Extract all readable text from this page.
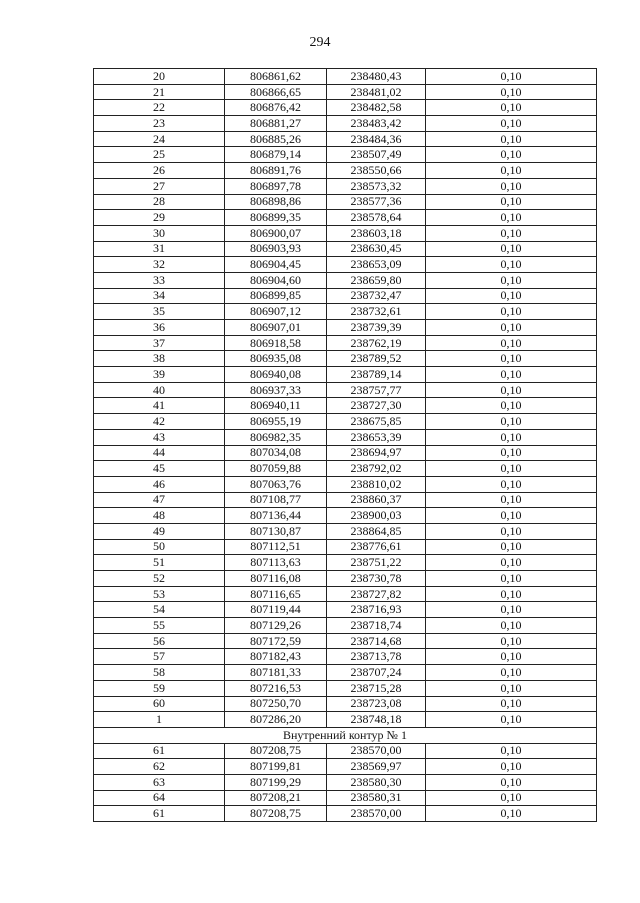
294
20	806861,62	238480,43	0,10
21	806866,65	238481,02	0,10
22	806876,42	238482,58	0,10
23	806881,27	238483,42	0,10
24	806885,26	238484,36	0,10
25	806879,14	238507,49	0,10
26	806891,76	238550,66	0,10
27	806897,78	238573,32	0,10
28	806898,86	238577,36	0,10
29	806899,35	238578,64	0,10
30	806900,07	238603,18	0,10
31	806903,93	238630,45	0,10
32	806904,45	238653,09	0,10
33	806904,60	238659,80	0,10
34	806899,85	238732,47	0,10
35	806907,12	238732,61	0,10
36	806907,01	238739,39	0,10
37	806918,58	238762,19	0,10
38	806935,08	238789,52	0,10
39	806940,08	238789,14	0,10
40	806937,33	238757,77	0,10
41	806940,11	238727,30	0,10
42	806955,19	238675,85	0,10
43	806982,35	238653,39	0,10
44	807034,08	238694,97	0,10
45	807059,88	238792,02	0,10
46	807063,76	238810,02	0,10
47	807108,77	238860,37	0,10
48	807136,44	238900,03	0,10
49	807130,87	238864,85	0,10
50	807112,51	238776,61	0,10
51	807113,63	238751,22	0,10
52	807116,08	238730,78	0,10
53	807116,65	238727,82	0,10
54	807119,44	238716,93	0,10
55	807129,26	238718,74	0,10
56	807172,59	238714,68	0,10
57	807182,43	238713,78	0,10
58	807181,33	238707,24	0,10
59	807216,53	238715,28	0,10
60	807250,70	238723,08	0,10
1	807286,20	238748,18	0,10
Внутренний контур № 1			
61	807208,75	238570,00	0,10
62	807199,81	238569,97	0,10
63	807199,29	238580,30	0,10
64	807208,21	238580,31	0,10
61	807208,75	238570,00	0,10
